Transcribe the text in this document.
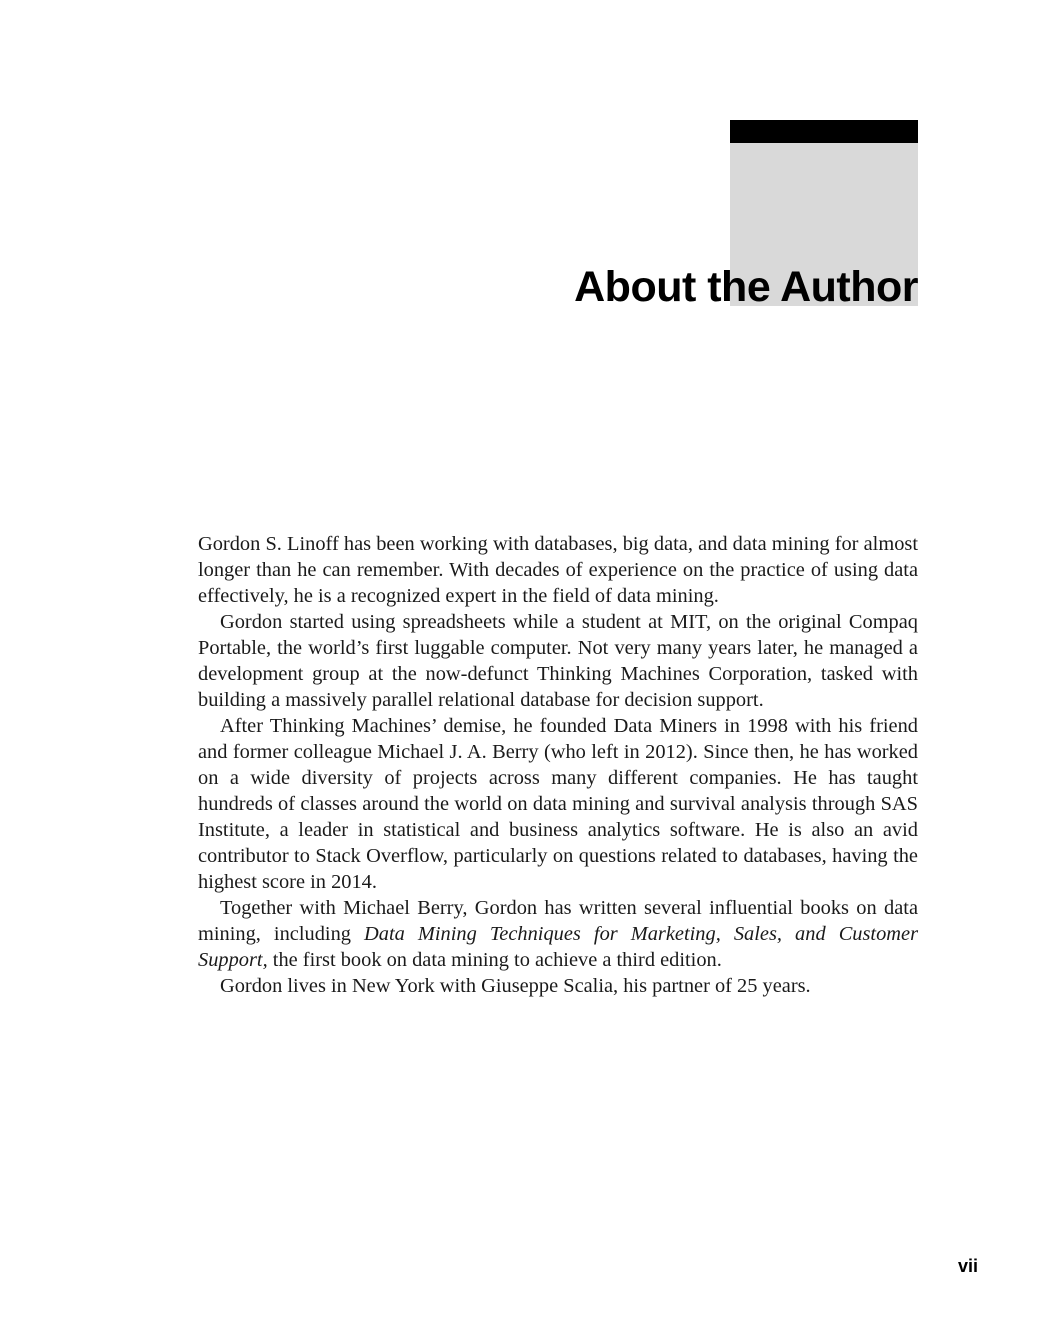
About the Author

Gordon S. Linoff has been working with databases, big data, and data mining for almost longer than he can remember. With decades of experience on the practice of using data effectively, he is a recognized expert in the field of data mining.

Gordon started using spreadsheets while a student at MIT, on the original Compaq Portable, the world’s first luggable computer. Not very many years later, he managed a development group at the now-defunct Thinking Machines Corporation, tasked with building a massively parallel relational database for decision support.

After Thinking Machines’ demise, he founded Data Miners in 1998 with his friend and former colleague Michael J. A. Berry (who left in 2012). Since then, he has worked on a wide diversity of projects across many different companies. He has taught hundreds of classes around the world on data mining and survival analysis through SAS Institute, a leader in statistical and business analytics software. He is also an avid contributor to Stack Overflow, particularly on questions related to databases, having the highest score in 2014.

Together with Michael Berry, Gordon has written several influential books on data mining, including Data Mining Techniques for Marketing, Sales, and Customer Support, the first book on data mining to achieve a third edition.

Gordon lives in New York with Giuseppe Scalia, his partner of 25 years.

vii
